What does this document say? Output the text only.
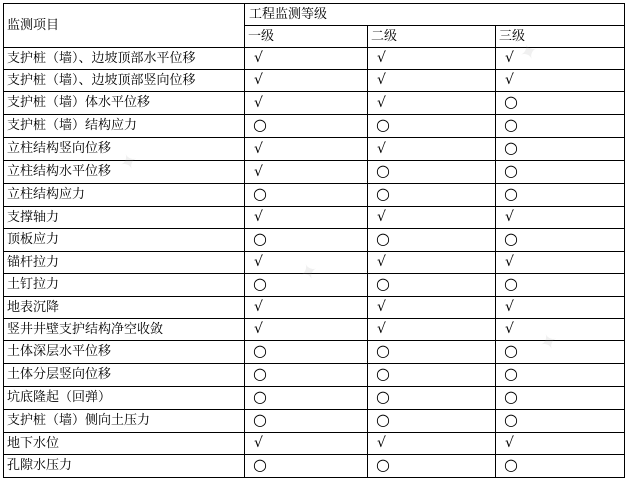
监测项目	工程监测等级		
	一级	二级	三级
支护桩（墙）、边坡顶部水平位移	√	√	√
支护桩（墙）、边坡顶部竖向位移	√	√	√
支护桩（墙）体水平位移	√	√	○
支护桩（墙）结构应力	○	○	○
立柱结构竖向位移	√	√	○
立柱结构水平位移	√	○	○
立柱结构应力	○	○	○
支撑轴力	√	√	√
顶板应力	○	○	○
锚杆拉力	√	√	√
土钉拉力	○	○	○
地表沉降	√	√	√
竖井井壁支护结构净空收敛	√	√	√
土体深层水平位移	○	○	○
土体分层竖向位移	○	○	○
坑底隆起（回弹）	○	○	○
支护桩（墙）侧向土压力	○	○	○
地下水位	√	√	√
孔隙水压力	○	○	○
✦
✦
✦
✦
